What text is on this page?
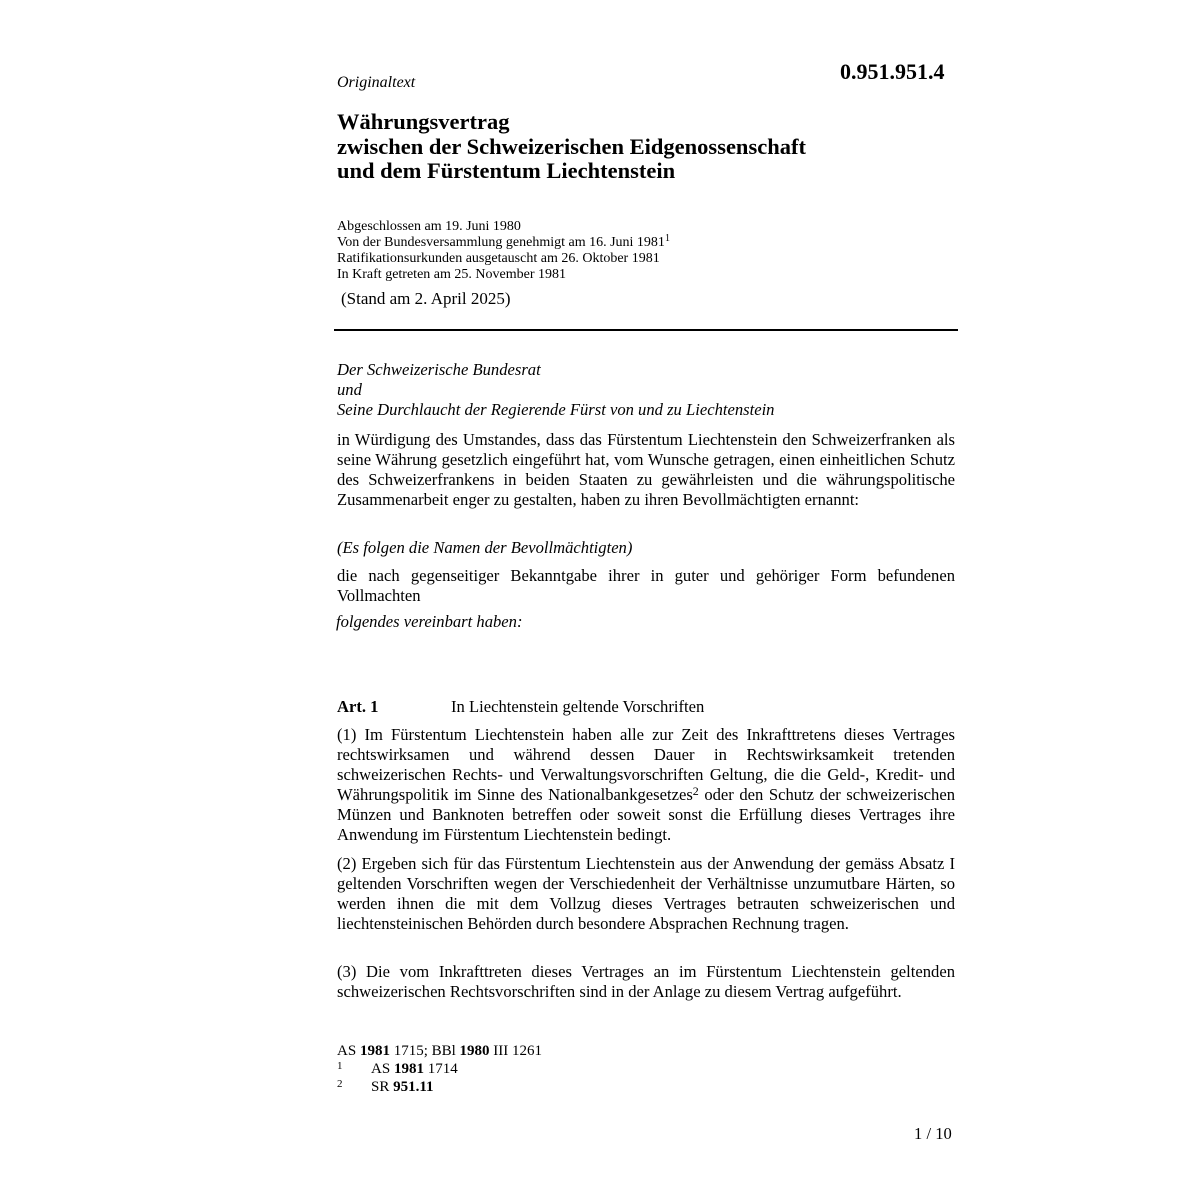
0.951.951.4
Originaltext
Währungsvertrag
zwischen der Schweizerischen Eidgenossenschaft
und dem Fürstentum Liechtenstein
Abgeschlossen am 19. Juni 1980
Von der Bundesversammlung genehmigt am 16. Juni 1981$^1$
Ratifikationsurkunden ausgetauscht am 26. Oktober 1981
In Kraft getreten am 25. November 1981
(Stand am 2. April 2025)
Der Schweizerische Bundesrat
und
Seine Durchlaucht der Regierende Fürst von und zu Liechtenstein
in Würdigung des Umstandes, dass das Fürstentum Liechtenstein den Schweizerfranken als seine Währung gesetzlich eingeführt hat, vom Wunsche getragen, einen einheitlichen Schutz des Schweizerfrankens in beiden Staaten zu gewährleisten und die währungspolitische Zusammenarbeit enger zu gestalten, haben zu ihren Bevollmächtigten ernannt:
(Es folgen die Namen der Bevollmächtigten)
die nach gegenseitiger Bekanntgabe ihrer in guter und gehöriger Form befundenen Vollmachten
folgendes vereinbart haben:
Art. 1	In Liechtenstein geltende Vorschriften
(1) Im Fürstentum Liechtenstein haben alle zur Zeit des Inkrafttretens dieses Vertrages rechtswirksamen und während dessen Dauer in Rechtswirksamkeit tretenden schweizerischen Rechts- und Verwaltungsvorschriften Geltung, die die Geld-, Kredit- und Währungspolitik im Sinne des Nationalbankgesetzes$^2$ oder den Schutz der schweizerischen Münzen und Banknoten betreffen oder soweit sonst die Erfüllung dieses Vertrages ihre Anwendung im Fürstentum Liechtenstein bedingt.
(2) Ergeben sich für das Fürstentum Liechtenstein aus der Anwendung der gemäss Absatz I geltenden Vorschriften wegen der Verschiedenheit der Verhältnisse unzumutbare Härten, so werden ihnen die mit dem Vollzug dieses Vertrages betrauten schweizerischen und liechtensteinischen Behörden durch besondere Absprachen Rechnung tragen.
(3) Die vom Inkrafttreten dieses Vertrages an im Fürstentum Liechtenstein geltenden schweizerischen Rechtsvorschriften sind in der Anlage zu diesem Vertrag aufgeführt.
AS 1981 1715; BBl 1980 III 1261
1 AS 1981 1714
2 SR 951.11
1 / 10
